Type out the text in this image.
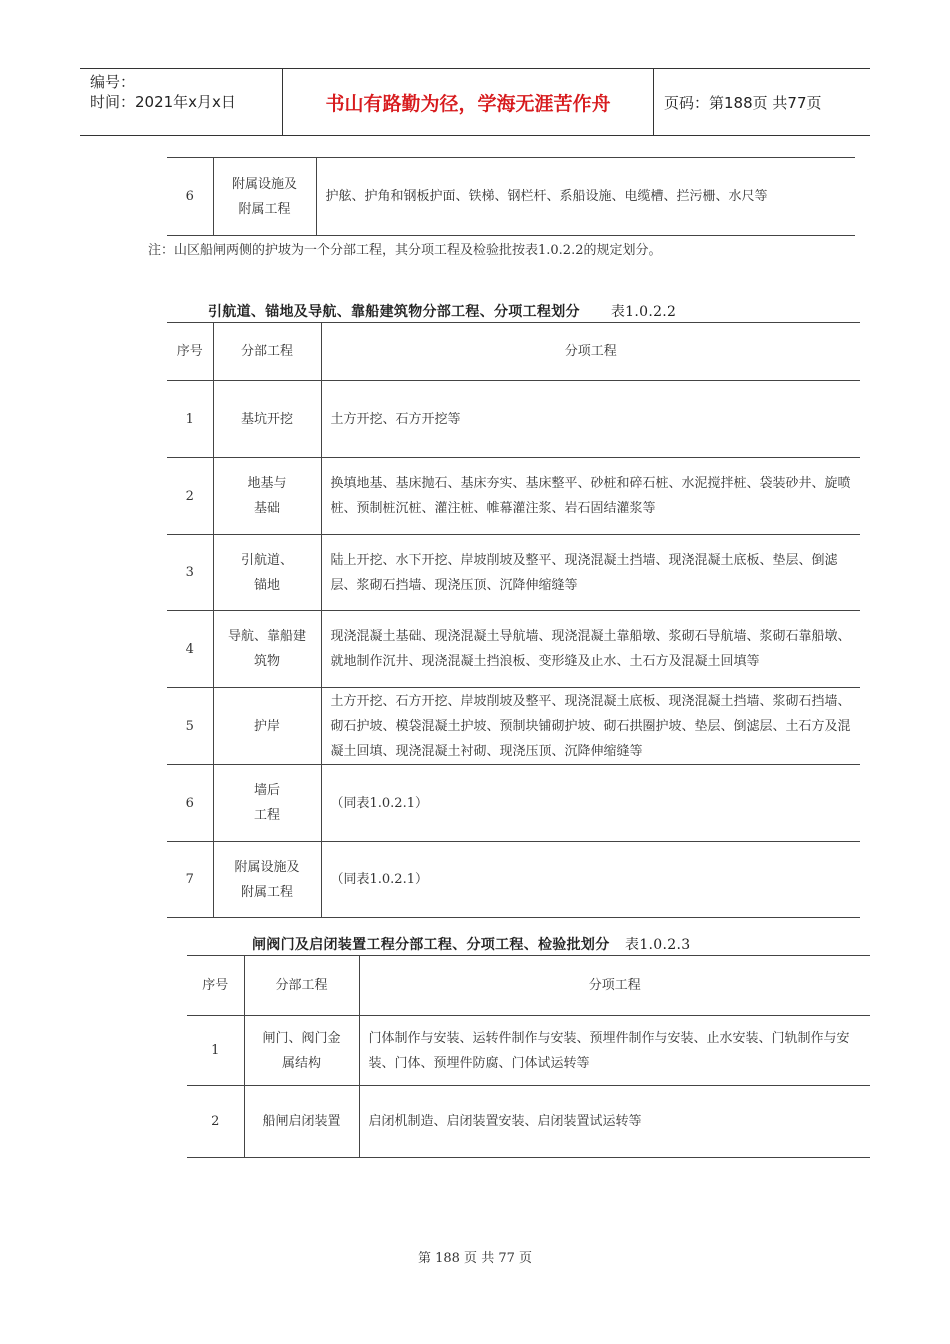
编号：
时间：2021年x月x日	书山有路勤为径，学海无涯苦作舟	页码：第188页 共77页
6	附属设施及
附属工程	护舷、护角和钢板护面、铁梯、钢栏杆、系船设施、电缆槽、拦污栅、水尺等
注：山区船闸两侧的护坡为一个分部工程，其分项工程及检验批按表1.0.2.2的规定划分。
引航道、锚地及导航、靠船建筑物分部工程、分项工程划分 表1.0.2.2
序号	分部工程	分项工程
1	基坑开挖	土方开挖、石方开挖等
2	地基与
基础	换填地基、基床抛石、基床夯实、基床整平、砂桩和碎石桩、水泥搅拌桩、袋装砂井、旋喷桩、预制桩沉桩、灌注桩、帷幕灌注浆、岩石固结灌浆等
3	引航道、
锚地	陆上开挖、水下开挖、岸坡削坡及整平、现浇混凝土挡墙、现浇混凝土底板、垫层、倒滤层、浆砌石挡墙、现浇压顶、沉降伸缩缝等
4	导航、靠船建
筑物	现浇混凝土基础、现浇混凝土导航墙、现浇混凝土靠船墩、浆砌石导航墙、浆砌石靠船墩、就地制作沉井、现浇混凝土挡浪板、变形缝及止水、土石方及混凝土回填等
5	护岸	土方开挖、石方开挖、岸坡削坡及整平、现浇混凝土底板、现浇混凝土挡墙、浆砌石挡墙、砌石护坡、模袋混凝土护坡、预制块铺砌护坡、砌石拱圈护坡、垫层、倒滤层、土石方及混凝土回填、现浇混凝土衬砌、现浇压顶、沉降伸缩缝等
6	墙后
工程	（同表1.0.2.1）
7	附属设施及
附属工程	（同表1.0.2.1）
闸阀门及启闭装置工程分部工程、分项工程、检验批划分 表1.0.2.3
序号	分部工程	分项工程
1	闸门、阀门金
属结构	门体制作与安装、运转件制作与安装、预埋件制作与安装、止水安装、门轨制作与安装、门体、预埋件防腐、门体试运转等
2	船闸启闭装置	启闭机制造、启闭装置安装、启闭装置试运转等
第 188 页 共 77 页
